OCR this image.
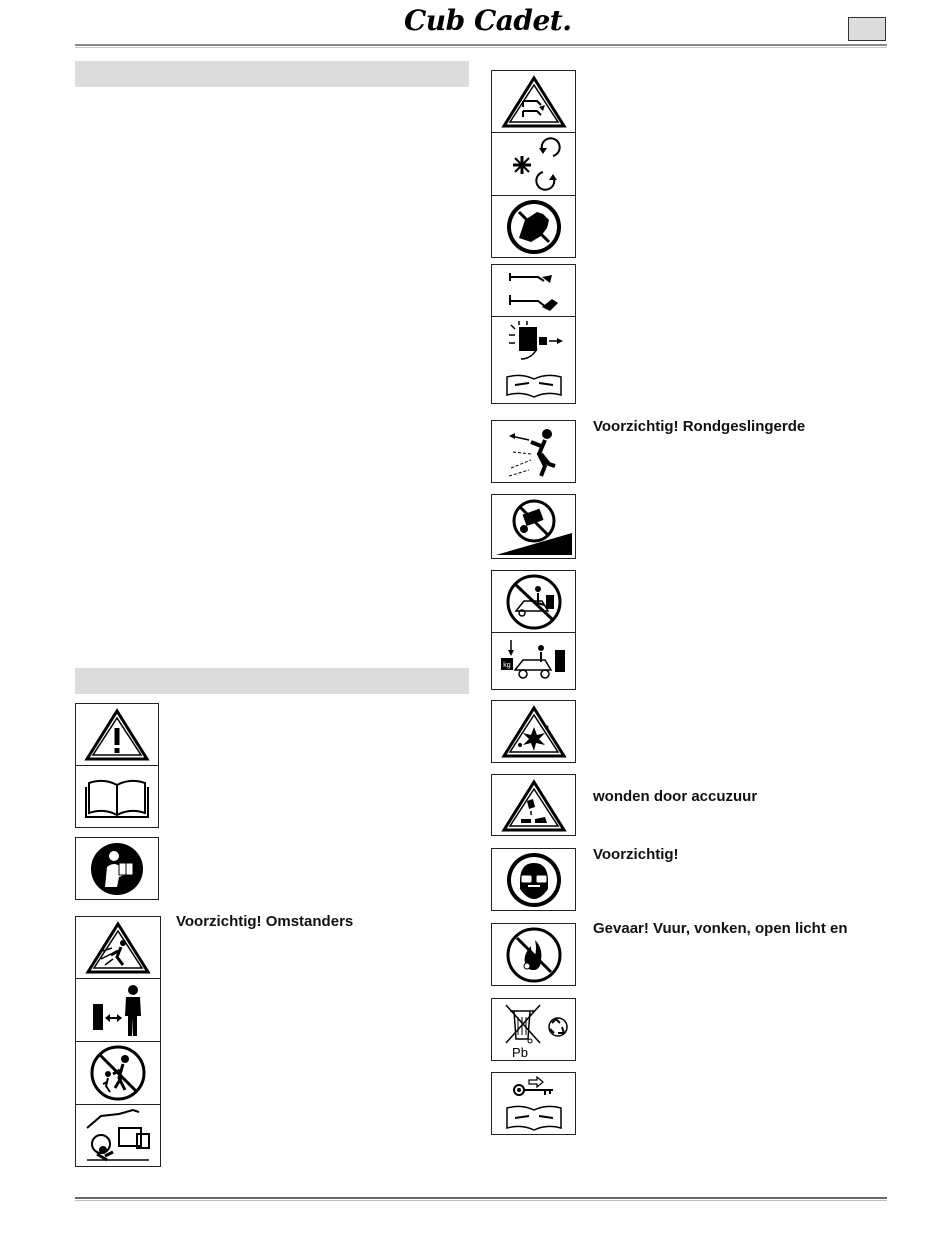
Cub Cadet.
Voorzichtig! Omstanders
Voorzichtig! Rondgeslingerde
kg
wonden door accuzuur
Voorzichtig!
Gevaar! Vuur, vonken, open licht en
Pb
